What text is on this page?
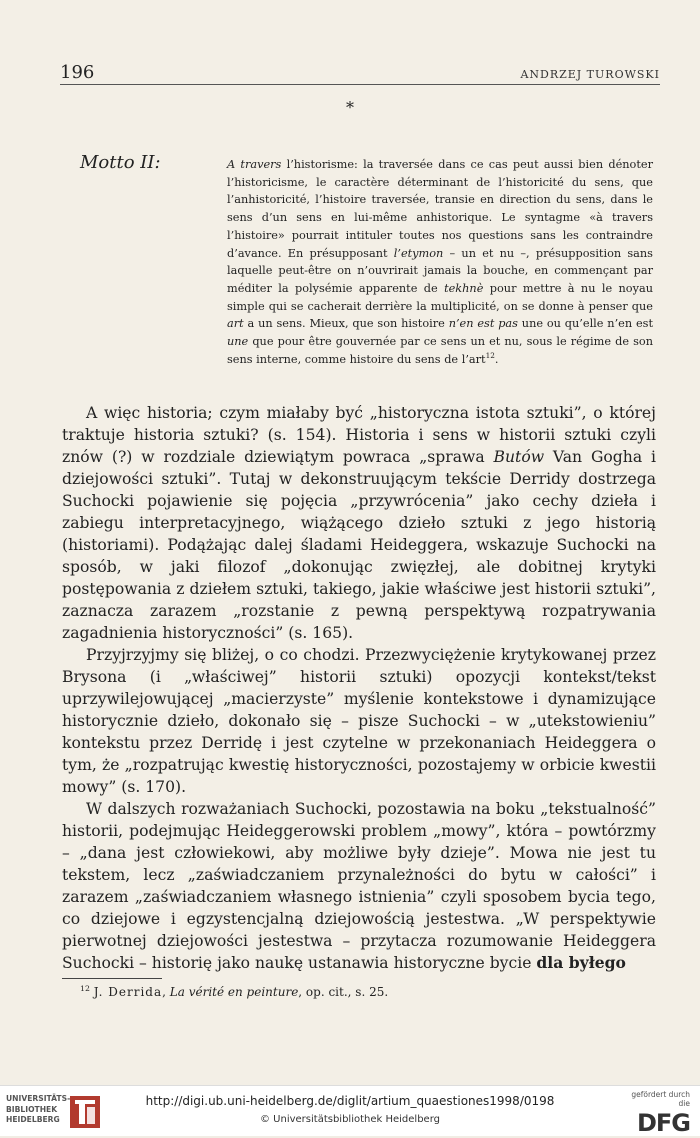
196	ANDRZEJ TUROWSKI
*
Motto II:	A travers l’historisme: la traversée dans ce cas peut aussi bien dénoter l’historicisme, le caractère déterminant de l’historicité du sens, que l’anhistoricité, l’histoire traversée, transie en direction du sens, dans le sens d’un sens en lui-même anhistorique. Le syntagme «à travers l’histoire» pourrait intituler toutes nos questions sans les contraindre d’avance. En présupposant l’etymon – un et nu –, présupposition sans laquelle peut-être on n’ouvrirait jamais la bouche, en commençant par méditer la polysémie apparente de tekhnè pour mettre à nu le noyau simple qui se cacherait derrière la multiplicité, on se donne à penser que art a un sens. Mieux, que son histoire n’en est pas une ou qu’elle n’en est une que pour être gouvernée par ce sens un et nu, sous le régime de son sens interne, comme histoire du sens de l’art$^{12}$.

A więc historia; czym miałaby być „historyczna istota sztuki”, o której traktuje historia sztuki? (s. 154). Historia i sens w historii sztuki czyli znów (?) w rozdziale dziewiątym powraca „sprawa Butów Van Gogha i dziejowości sztuki”. Tutaj w dekonstruującym tekście Derridy dostrzega Suchocki pojawienie się pojęcia „przywrócenia” jako cechy dzieła i zabiegu interpretacyjnego, wiążącego dzieło sztuki z jego historią (historiami). Podążając dalej śladami Heideggera, wskazuje Suchocki na sposób, w jaki filozof „dokonując zwięzłej, ale dobitnej krytyki postępowania z dziełem sztuki, takiego, jakie właściwe jest historii sztuki”, zaznacza zarazem „rozstanie z pewną perspektywą rozpatrywania zagadnienia historyczności” (s. 165).

Przyjrzyjmy się bliżej, o co chodzi. Przezwyciężenie krytykowanej przez Brysona (i „właściwej” historii sztuki) opozycji kontekst/tekst uprzywilejowującej „macierzyste” myślenie kontekstowe i dynamizujące historycznie dzieło, dokonało się – pisze Suchocki – w „utekstowieniu” kontekstu przez Derridę i jest czytelne w przekonaniach Heideggera o tym, że „rozpatrując kwestię historyczności, pozostajemy w orbicie kwestii mowy” (s. 170).

W dalszych rozważaniach Suchocki, pozostawia na boku „tekstualność” historii, podejmując Heideggerowski problem „mowy”, która – powtórzmy – „dana jest człowiekowi, aby możliwe były dzieje”. Mowa nie jest tu tekstem, lecz „zaświadczaniem przynależności do bytu w całości” i zarazem „zaświadczaniem własnego istnienia” czyli sposobem bycia tego, co dziejowe i egzystencjalną dziejowością jestestwa. „W perspektywie pierwotnej dziejowości jestestwa – przytacza rozumowanie Heideggera Suchocki – historię jako naukę ustanawia historyczne bycie dla byłego

$^{12}$ J. Derrida, La vérité en peinture, op. cit., s. 25.
UNIVERSITÄTS-
BIBLIOTHEK
HEIDELBERG
http://digi.ub.uni-heidelberg.de/diglit/artium_quaestiones1998/0198
© Universitätsbibliothek Heidelberg
gefördert durch die
DFG
